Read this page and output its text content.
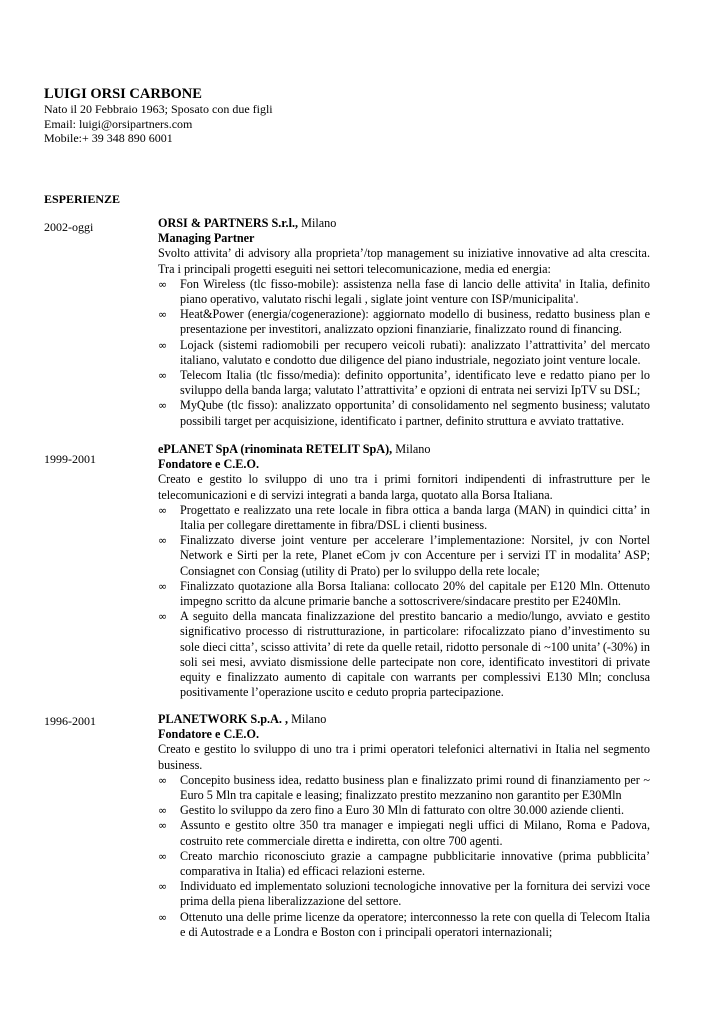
LUIGI ORSI CARBONE
Nato il 20 Febbraio 1963; Sposato con due figli
Email: luigi@orsipartners.com
Mobile:+ 39 348 890 6001
ESPERIENZE
2002-oggi	ORSI & PARTNERS S.r.l., Milano
Managing Partner
Svolto attivita’ di advisory alla proprieta’/top management su iniziative innovative ad alta crescita. Tra i principali progetti eseguiti nei settori telecomunicazione, media ed energia:
∞ Fon Wireless (tlc fisso-mobile): assistenza nella fase di lancio delle attivita' in Italia, definito piano operativo, valutato rischi legali , siglate joint venture con ISP/municipalita'.
∞ Heat&Power (energia/cogenerazione): aggiornato modello di business, redatto business plan e presentazione per investitori, analizzato opzioni finanziarie, finalizzato round di financing.
∞ Lojack (sistemi radiomobili per recupero veicoli rubati): analizzato l’attrattivita’ del mercato italiano, valutato e condotto due diligence del piano industriale, negoziato joint venture locale.
∞ Telecom Italia (tlc fisso/media): definito opportunita’, identificato leve e redatto piano per lo sviluppo della banda larga; valutato l’attrattivita’ e opzioni di entrata nei servizi IpTV su DSL;
∞ MyQube (tlc fisso): analizzato opportunita’ di consolidamento nel segmento business; valutato possibili target per acquisizione, identificato i partner, definito struttura e avviato trattative.
1999-2001
ePLANET SpA (rinominata RETELIT SpA), Milano
Fondatore e C.E.O.
Creato e gestito lo sviluppo di uno tra i primi fornitori indipendenti di infrastrutture per le telecomunicazioni e di servizi integrati a banda larga, quotato alla Borsa Italiana.
∞ Progettato e realizzato una rete locale in fibra ottica a banda larga (MAN) in quindici citta’ in Italia per collegare direttamente in fibra/DSL i clienti business.
∞ Finalizzato diverse joint venture per accelerare l’implementazione: Norsitel, jv con Nortel Network e Sirti per la rete, Planet eCom jv con Accenture per i servizi IT in modalita’ ASP; Consiagnet con Consiag (utility di Prato) per lo sviluppo della rete locale;
∞ Finalizzato quotazione alla Borsa Italiana: collocato 20% del capitale per E120 Mln. Ottenuto impegno scritto da alcune primarie banche a sottoscrivere/sindacare prestito per E240Mln.
∞ A seguito della mancata finalizzazione del prestito bancario a medio/lungo, avviato e gestito significativo processo di ristrutturazione, in particolare: rifocalizzato piano d’investimento su sole dieci citta’, scisso attivita’ di rete da quelle retail, ridotto personale di ~100 unita’ (-30%) in soli sei mesi, avviato dismissione delle partecipate non core, identificato investitori di private equity e finalizzato aumento di capitale con warrants per complessivi E130 Mln; conclusa positivamente l’operazione uscito e ceduto propria partecipazione.
1996-2001	PLANETWORK S.p.A. , Milano
Fondatore e C.E.O.
Creato e gestito lo sviluppo di uno tra i primi operatori telefonici alternativi in Italia nel segmento business.
∞ Concepito business idea, redatto business plan e finalizzato primi round di finanziamento per ~ Euro 5 Mln tra capitale e leasing; finalizzato prestito mezzanino non garantito per E30Mln
∞ Gestito lo sviluppo da zero fino a Euro 30 Mln di fatturato con oltre 30.000 aziende clienti.
∞ Assunto e gestito oltre 350 tra manager e impiegati negli uffici di Milano, Roma e Padova, costruito rete commerciale diretta e indiretta, con oltre 700 agenti.
∞ Creato marchio riconosciuto grazie a campagne pubblicitarie innovative (prima pubblicita’ comparativa in Italia) ed efficaci relazioni esterne.
∞ Individuato ed implementato soluzioni tecnologiche innovative per la fornitura dei servizi voce prima della piena liberalizzazione del settore.
∞ Ottenuto una delle prime licenze da operatore; interconnesso la rete con quella di Telecom Italia e di Autostrade e a Londra e Boston con i principali operatori internazionali;
